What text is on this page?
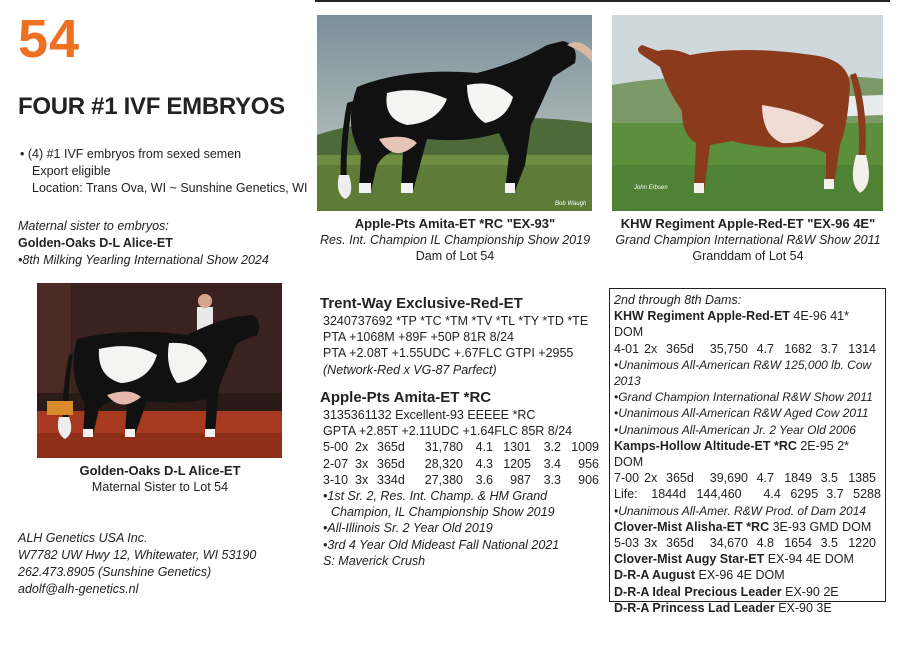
54
FOUR #1 IVF EMBRYOS
• (4) #1 IVF embryos from sexed semen
Export eligible
Location: Trans Ova, WI ~ Sunshine Genetics, WI
Maternal sister to embryos:
Golden-Oaks D-L Alice-ET
•8th Milking Yearling International Show 2024
Bob Waugh
Apple-Pts Amita-ET *RC "EX-93"
Res. Int. Champion IL Championship Show 2019
Dam of Lot 54
John Erbsen
KHW Regiment Apple-Red-ET "EX-96 4E"
Grand Champion International R&W Show 2011
Granddam of Lot 54
Golden-Oaks D-L Alice-ET
Maternal Sister to Lot 54
ALH Genetics USA Inc.
W7782 UW Hwy 12, Whitewater, WI 53190
262.473.8905 (Sunshine Genetics)
adolf@alh-genetics.nl
Trent-Way Exclusive-Red-ET
3240737692 *TP *TC *TM *TV *TL *TY *TD *TE
PTA +1068M +89F +50P 81R 8/24
PTA +2.08T +1.55UDC +.67FLC GTPI +2955
(Network-Red x VG-87 Parfect)
Apple-Pts Amita-ET *RC
3135361132 Excellent-93 EEEEE *RC
GPTA +2.85T +2.11UDC +1.64FLC 85R 8/24
5-00 2x 365d	31,780	4.1 1301	3.2 1009
2-07 3x 365d	28,320	4.3 1205	3.4	956
3-10 3x 334d	27,380	3.6	987	3.3	906
•1st Sr. 2, Res. Int. Champ. & HM Grand
Champion, IL Championship Show 2019
•All-Illinois Sr. 2 Year Old 2019
•3rd 4 Year Old Mideast Fall National 2021
S: Maverick Crush
2nd through 8th Dams:
KHW Regiment Apple-Red-ET 4E-96 41* DOM
4-01 2x 365d	35,750 4.7 1682 3.7 1314
•Unanimous All-American R&W 125,000 lb. Cow 2013
•Grand Champion International R&W Show 2011
•Unanimous All-American R&W Aged Cow 2011
•Unanimous All-American Jr. 2 Year Old 2006
Kamps-Hollow Altitude-ET *RC 2E-95 2* DOM
7-00 2x 365d	39,690 4.7 1849 3.5 1385
Life:	1844d 144,460	4.4 6295 3.7 5288
•Unanimous All-Amer. R&W Prod. of Dam 2014
Clover-Mist Alisha-ET *RC 3E-93 GMD DOM
5-03 3x 365d	34,670 4.8 1654 3.5 1220
Clover-Mist Augy Star-ET EX-94 4E DOM
D-R-A August EX-96 4E DOM
D-R-A Ideal Precious Leader EX-90 2E
D-R-A Princess Lad Leader EX-90 3E
